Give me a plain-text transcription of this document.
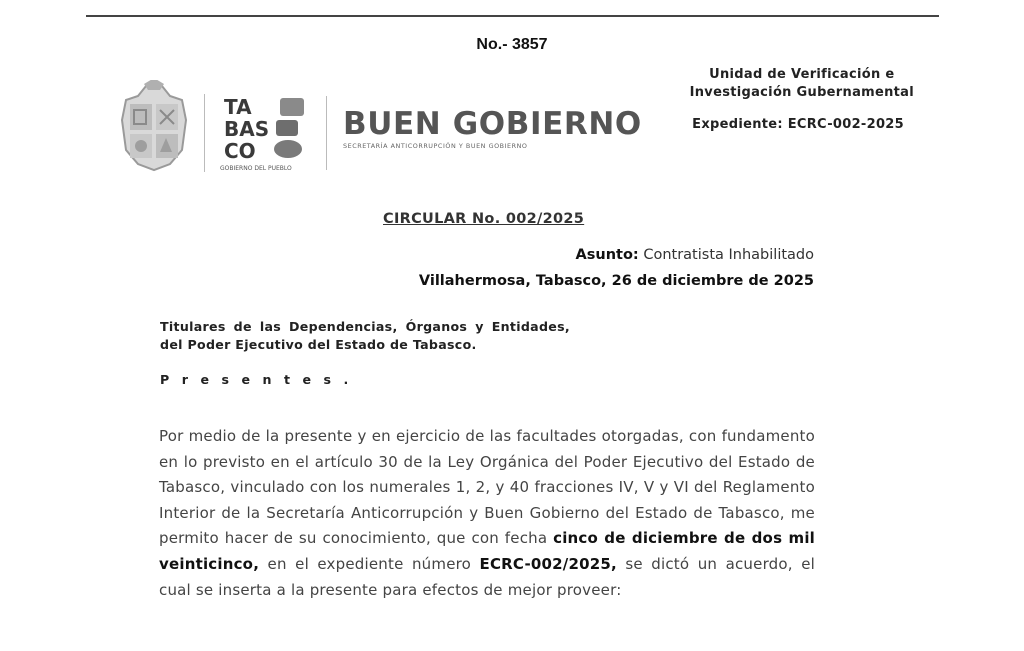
No.- 3857
Unidad de Verificación e
Investigación Gubernamental
Expediente: ECRC-002-2025
TA
BAS
CO
GOBIERNO DEL PUEBLO
BUEN GOBIERNO
SECRETARÍA ANTICORRUPCIÓN Y BUEN GOBIERNO
CIRCULAR No. 002/2025
Asunto: Contratista Inhabilitado
Villahermosa, Tabasco, 26 de diciembre de 2025
Titulares de las Dependencias, Órganos y Entidades, del Poder Ejecutivo del Estado de Tabasco.
Presentes.
Por medio de la presente y en ejercicio de las facultades otorgadas, con fundamento en lo previsto en el artículo 30 de la Ley Orgánica del Poder Ejecutivo del Estado de Tabasco, vinculado con los numerales 1, 2, y 40 fracciones IV, V y VI del Reglamento Interior de la Secretaría Anticorrupción y Buen Gobierno del Estado de Tabasco, me permito hacer de su conocimiento, que con fecha cinco de diciembre de dos mil veinticinco, en el expediente número ECRC-002/2025, se dictó un acuerdo, el cual se inserta a la presente para efectos de mejor proveer:
